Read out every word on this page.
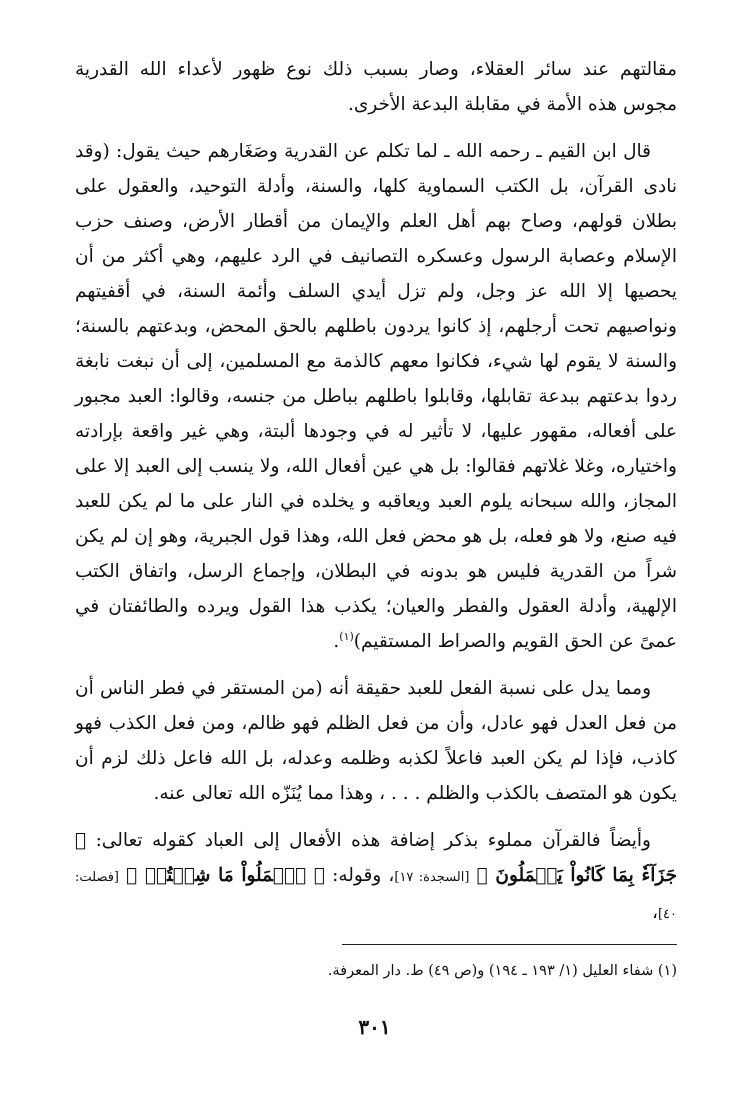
مقالتهم عند سائر العقلاء، وصار بسبب ذلك نوع ظهور لأعداء الله القدرية مجوس هذه الأمة في مقابلة البدعة الأخرى.

قال ابن القيم ـ رحمه الله ـ لما تكلم عن القدرية وصَغَارهم حيث يقول: (وقد نادى القرآن، بل الكتب السماوية كلها، والسنة، وأدلة التوحيد، والعقول على بطلان قولهم، وصاح بهم أهل العلم والإيمان من أقطار الأرض، وصنف حزب الإسلام وعصابة الرسول وعسكره التصانيف في الرد عليهم، وهي أكثر من أن يحصيها إلا الله عز وجل، ولم تزل أيدي السلف وأئمة السنة، في أقفيتهم ونواصيهم تحت أرجلهم، إذ كانوا يردون باطلهم بالحق المحض، وبدعتهم بالسنة؛ والسنة لا يقوم لها شيء، فكانوا معهم كالذمة مع المسلمين، إلى أن نبغت نابغة ردوا بدعتهم ببدعة تقابلها، وقابلوا باطلهم بباطل من جنسه، وقالوا: العبد مجبور على أفعاله، مقهور عليها، لا تأثير له في وجودها ألبتة، وهي غير واقعة بإرادته واختياره، وغلا غلاتهم فقالوا: بل هي عين أفعال الله، ولا ينسب إلى العبد إلا على المجاز، والله سبحانه يلوم العبد ويعاقبه و يخلده في النار على ما لم يكن للعبد فيه صنع، ولا هو فعله، بل هو محض فعل الله، وهذا قول الجبرية، وهو إن لم يكن شراً من القدرية فليس هو بدونه في البطلان، وإجماع الرسل، واتفاق الكتب الإلهية، وأدلة العقول والفطر والعيان؛ يكذب هذا القول ويرده والطائفتان في عمىً عن الحق القويم والصراط المستقيم)$^{(١)}$.

ومما يدل على نسبة الفعل للعبد حقيقة أنه (من المستقر في فطر الناس أن من فعل العدل فهو عادل، وأن من فعل الظلم فهو ظالم، ومن فعل الكذب فهو كاذب، فإذا لم يكن العبد فاعلاً لكذبه وظلمه وعدله، بل الله فاعل ذلك لزم أن يكون هو المتصف بالكذب والظلم . . . ، وهذا مما يُنَزّه الله تعالى عنه.

وأيضاً فالقرآن مملوء بذكر إضافة هذه الأفعال إلى العباد كقوله تعالى: ﴿ جَزَآءٗ بِمَا كَانُواْ يَعۡمَلُونَ ﴾ [السجدة: ١٧]، وقوله: ﴿ ٱعۡمَلُواْ مَا شِئۡتُمۡ ﴾ [فصلت: ٤٠]،

(١) شفاء العليل (١/ ١٩٣ ـ ١٩٤) و(ص ٤٩) ط. دار المعرفة.

٣٠١
